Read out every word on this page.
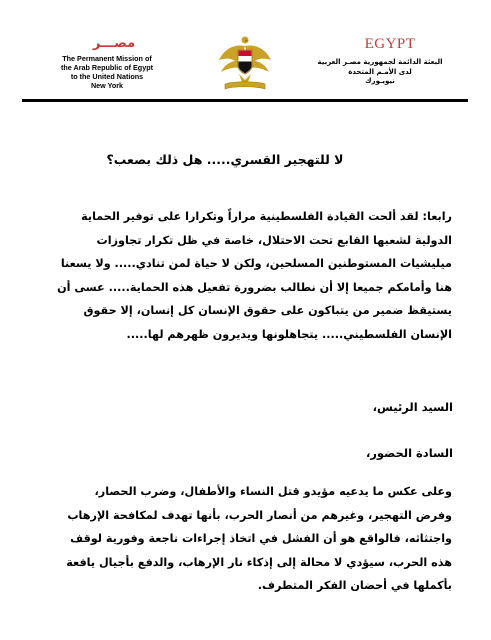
مصـــر
The Permanent Mission of
the Arab Republic of Egypt
to the United Nations
New York
EGYPT
البعثة الدائمة لجمهورية مصـر العربية
لدى الأمـم المتحدة
نيويـورك
لا للتهجير القسري..... هل ذلك بصعب؟
رابعا: لقد ألحت القيادة الفلسطينية مراراً وتكرارا على توفير الحماية
الدولية لشعبها القابع تحت الاحتلال، خاصة في ظل تكرار تجاوزات
ميليشيات المستوطنين المسلحين، ولكن لا حياة لمن تنادي..... ولا يسعنا
هنا وأمامكم جميعا إلا أن نطالب بضرورة تفعيل هذه الحماية..... عسى أن
يستيقظ ضمير من يتباكون على حقوق الإنسان كل إنسان، إلا حقوق
الإنسان الفلسطيني..... يتجاهلونها ويديرون ظهرهم لها.....
السيد الرئيس،
السادة الحضور،
وعلى عكس ما يدعيه مؤيدو قتل النساء والأطفال، وضرب الحصار،
وفرض التهجير، وغيرهم من أنصار الحرب، بأنها تهدف لمكافحة الإرهاب
واجتثاثه، فالواقع هو أن الفشل في اتخاذ إجراءات ناجعة وفورية لوقف
هذه الحرب، سيؤدي لا محالة إلى إذكاء نار الإرهاب، والدفع بأجيال يافعة
بأكملها في أحضان الفكر المتطرف.
